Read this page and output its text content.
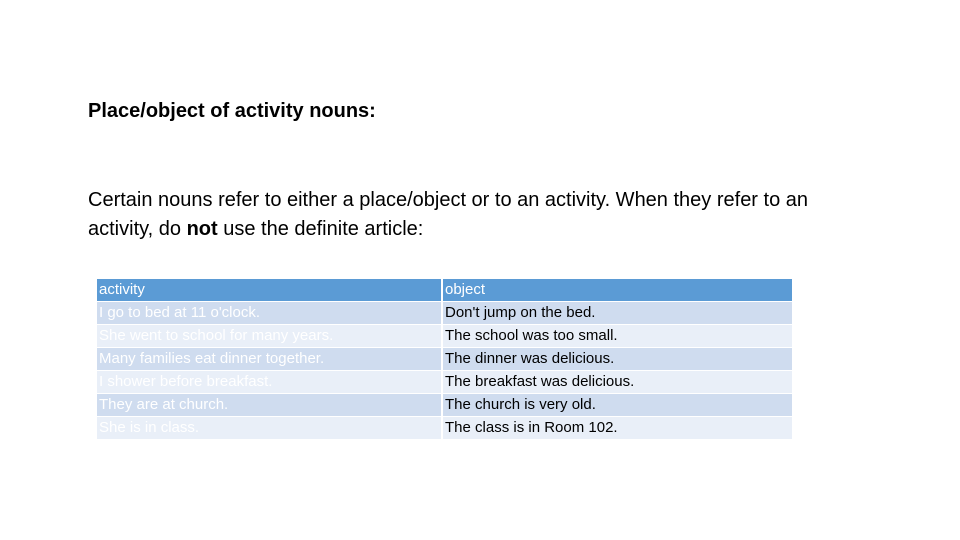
Place/object of activity nouns:
Certain nouns refer to either a place/object or to an activity. When they refer to an activity, do not use the definite article:
activity	object
I go to bed at 11 o'clock.	Don't jump on the bed.
She went to school for many years.	The school was too small.
Many families eat dinner together.	The dinner was delicious.
I shower before breakfast.	The breakfast was delicious.
They are at church.	The church is very old.
She is in class.	The class is in Room 102.
